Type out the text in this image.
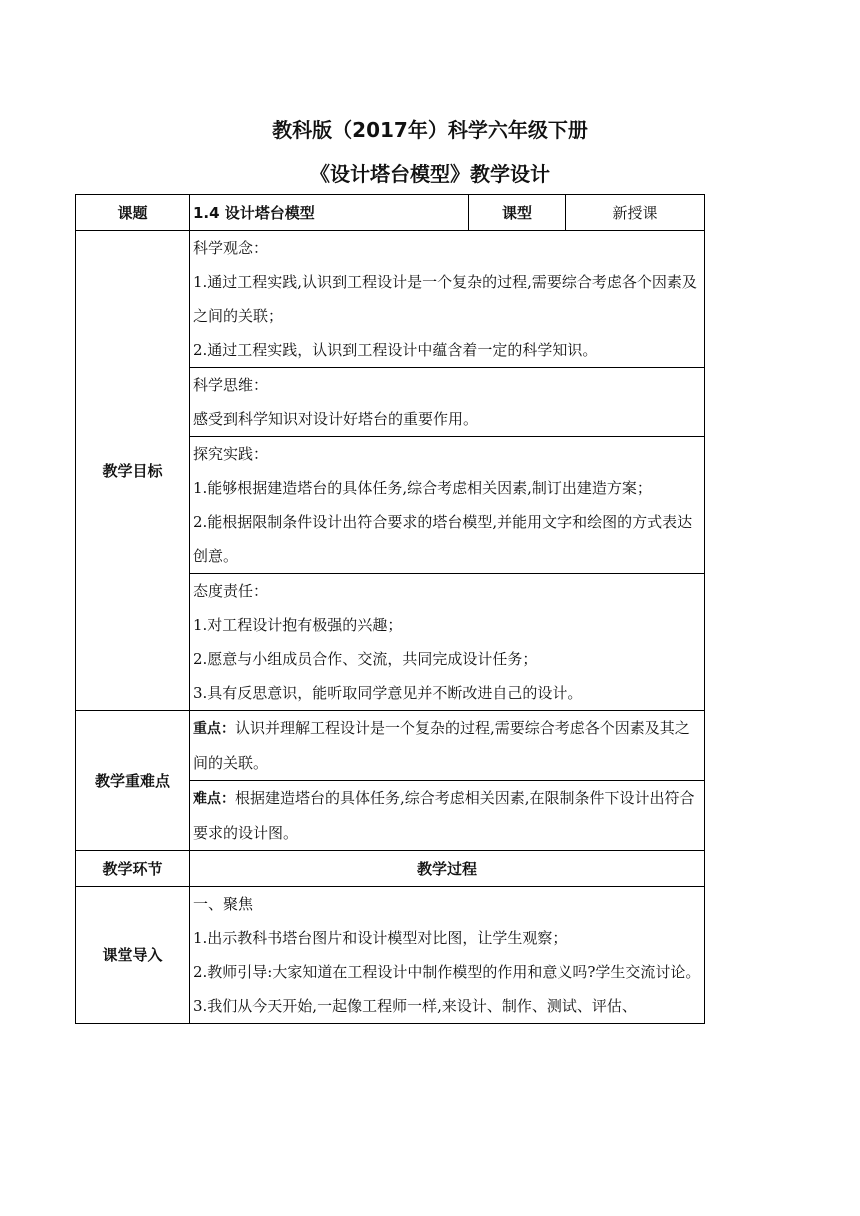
教科版（2017年）科学六年级下册
《设计塔台模型》教学设计
课题	1.4 设计塔台模型	课型	新授课
教学目标	科学观念：

1.通过工程实践,认识到工程设计是一个复杂的过程,需要综合考虑各个因素及之间的关联；

2.通过工程实践，认识到工程设计中蕴含着一定的科学知识。		

	科学思维：

感受到科学知识对设计好塔台的重要作用。		

	探究实践：

1.能够根据建造塔台的具体任务,综合考虑相关因素,制订出建造方案；

2.能根据限制条件设计出符合要求的塔台模型,并能用文字和绘图的方式表达创意。		

	态度责任：

1.对工程设计抱有极强的兴趣；

2.愿意与小组成员合作、交流，共同完成设计任务；

3.具有反思意识，能听取同学意见并不断改进自己的设计。		

教学重难点	重点：认识并理解工程设计是一个复杂的过程,需要综合考虑各个因素及其之间的关联。		

	难点：根据建造塔台的具体任务,综合考虑相关因素,在限制条件下设计出符合要求的设计图。		

教学环节	教学过程		
课堂导入	一、聚焦

1.出示教科书塔台图片和设计模型对比图，让学生观察；

2.教师引导:大家知道在工程设计中制作模型的作用和意义吗?学生交流讨论。

3.我们从今天开始,一起像工程师一样,来设计、制作、测试、评估、		
